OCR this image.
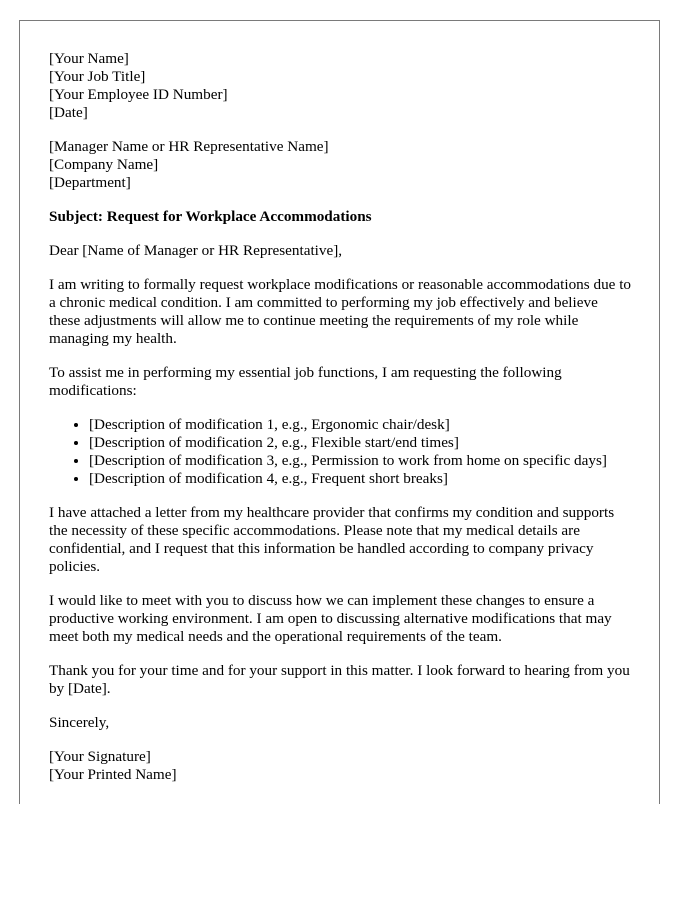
[Your Name]
[Your Job Title]
[Your Employee ID Number]
[Date]
[Manager Name or HR Representative Name]
[Company Name]
[Department]
Subject: Request for Workplace Accommodations

Dear [Name of Manager or HR Representative],

I am writing to formally request workplace modifications or reasonable accommodations due to a chronic medical condition. I am committed to performing my job effectively and believe these adjustments will allow me to continue meeting the requirements of my role while managing my health.

To assist me in performing my essential job functions, I am requesting the following modifications:

• [Description of modification 1, e.g., Ergonomic chair/desk]
• [Description of modification 2, e.g., Flexible start/end times]
• [Description of modification 3, e.g., Permission to work from home on specific days]
• [Description of modification 4, e.g., Frequent short breaks]

I have attached a letter from my healthcare provider that confirms my condition and supports the necessity of these specific accommodations. Please note that my medical details are confidential, and I request that this information be handled according to company privacy policies.

I would like to meet with you to discuss how we can implement these changes to ensure a productive working environment. I am open to discussing alternative modifications that may meet both my medical needs and the operational requirements of the team.

Thank you for your time and for your support in this matter. I look forward to hearing from you by [Date].

Sincerely,

[Your Signature]
[Your Printed Name]
